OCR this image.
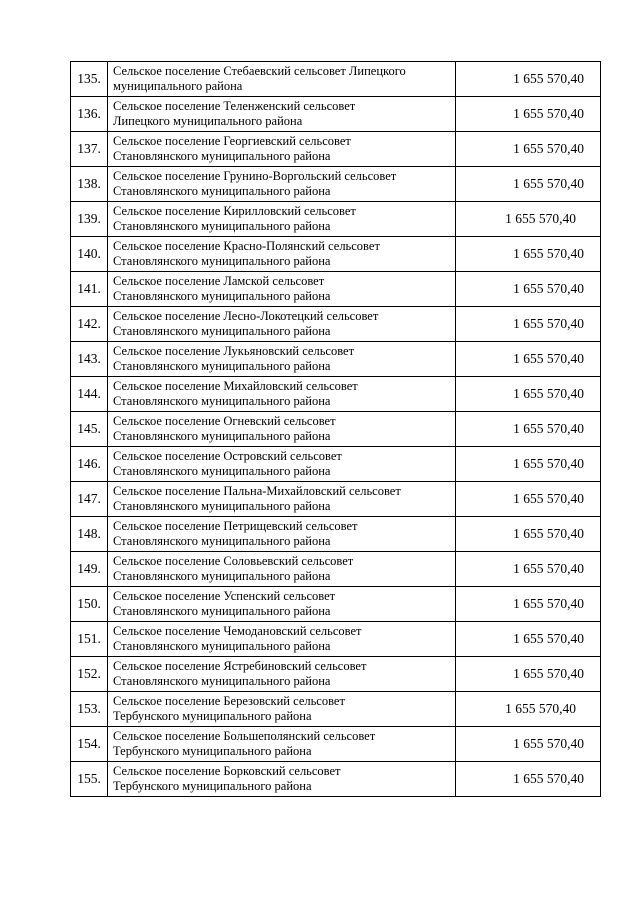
135.	Сельское поселение Стебаевский сельсовет Липецкого
муниципального района	1 655 570,40
136.	Сельское поселение Теленженский сельсовет
Липецкого муниципального района	1 655 570,40
137.	Сельское поселение Георгиевский сельсовет
Становлянского муниципального района	1 655 570,40
138.	Сельское поселение Грунино-Воргольский сельсовет
Становлянского муниципального района	1 655 570,40
139.	Сельское поселение Кирилловский сельсовет
Становлянского муниципального района	1 655 570,40
140.	Сельское поселение Красно-Полянский сельсовет
Становлянского муниципального района	1 655 570,40
141.	Сельское поселение Ламской сельсовет
Становлянского муниципального района	1 655 570,40
142.	Сельское поселение Лесно-Локотецкий сельсовет
Становлянского муниципального района	1 655 570,40
143.	Сельское поселение Лукьяновский сельсовет
Становлянского муниципального района	1 655 570,40
144.	Сельское поселение Михайловский сельсовет
Становлянского муниципального района	1 655 570,40
145.	Сельское поселение Огневский сельсовет
Становлянского муниципального района	1 655 570,40
146.	Сельское поселение Островский сельсовет
Становлянского муниципального района	1 655 570,40
147.	Сельское поселение Пальна-Михайловский сельсовет
Становлянского муниципального района	1 655 570,40
148.	Сельское поселение Петрищевский сельсовет
Становлянского муниципального района	1 655 570,40
149.	Сельское поселение Соловьевский сельсовет
Становлянского муниципального района	1 655 570,40
150.	Сельское поселение Успенский сельсовет
Становлянского муниципального района	1 655 570,40
151.	Сельское поселение Чемодановский сельсовет
Становлянского муниципального района	1 655 570,40
152.	Сельское поселение Ястребиновский сельсовет
Становлянского муниципального района	1 655 570,40
153.	Сельское поселение Березовский сельсовет
Тербунского муниципального района	1 655 570,40
154.	Сельское поселение Большеполянский сельсовет
Тербунского муниципального района	1 655 570,40
155.	Сельское поселение Борковский сельсовет
Тербунского муниципального района	1 655 570,40
